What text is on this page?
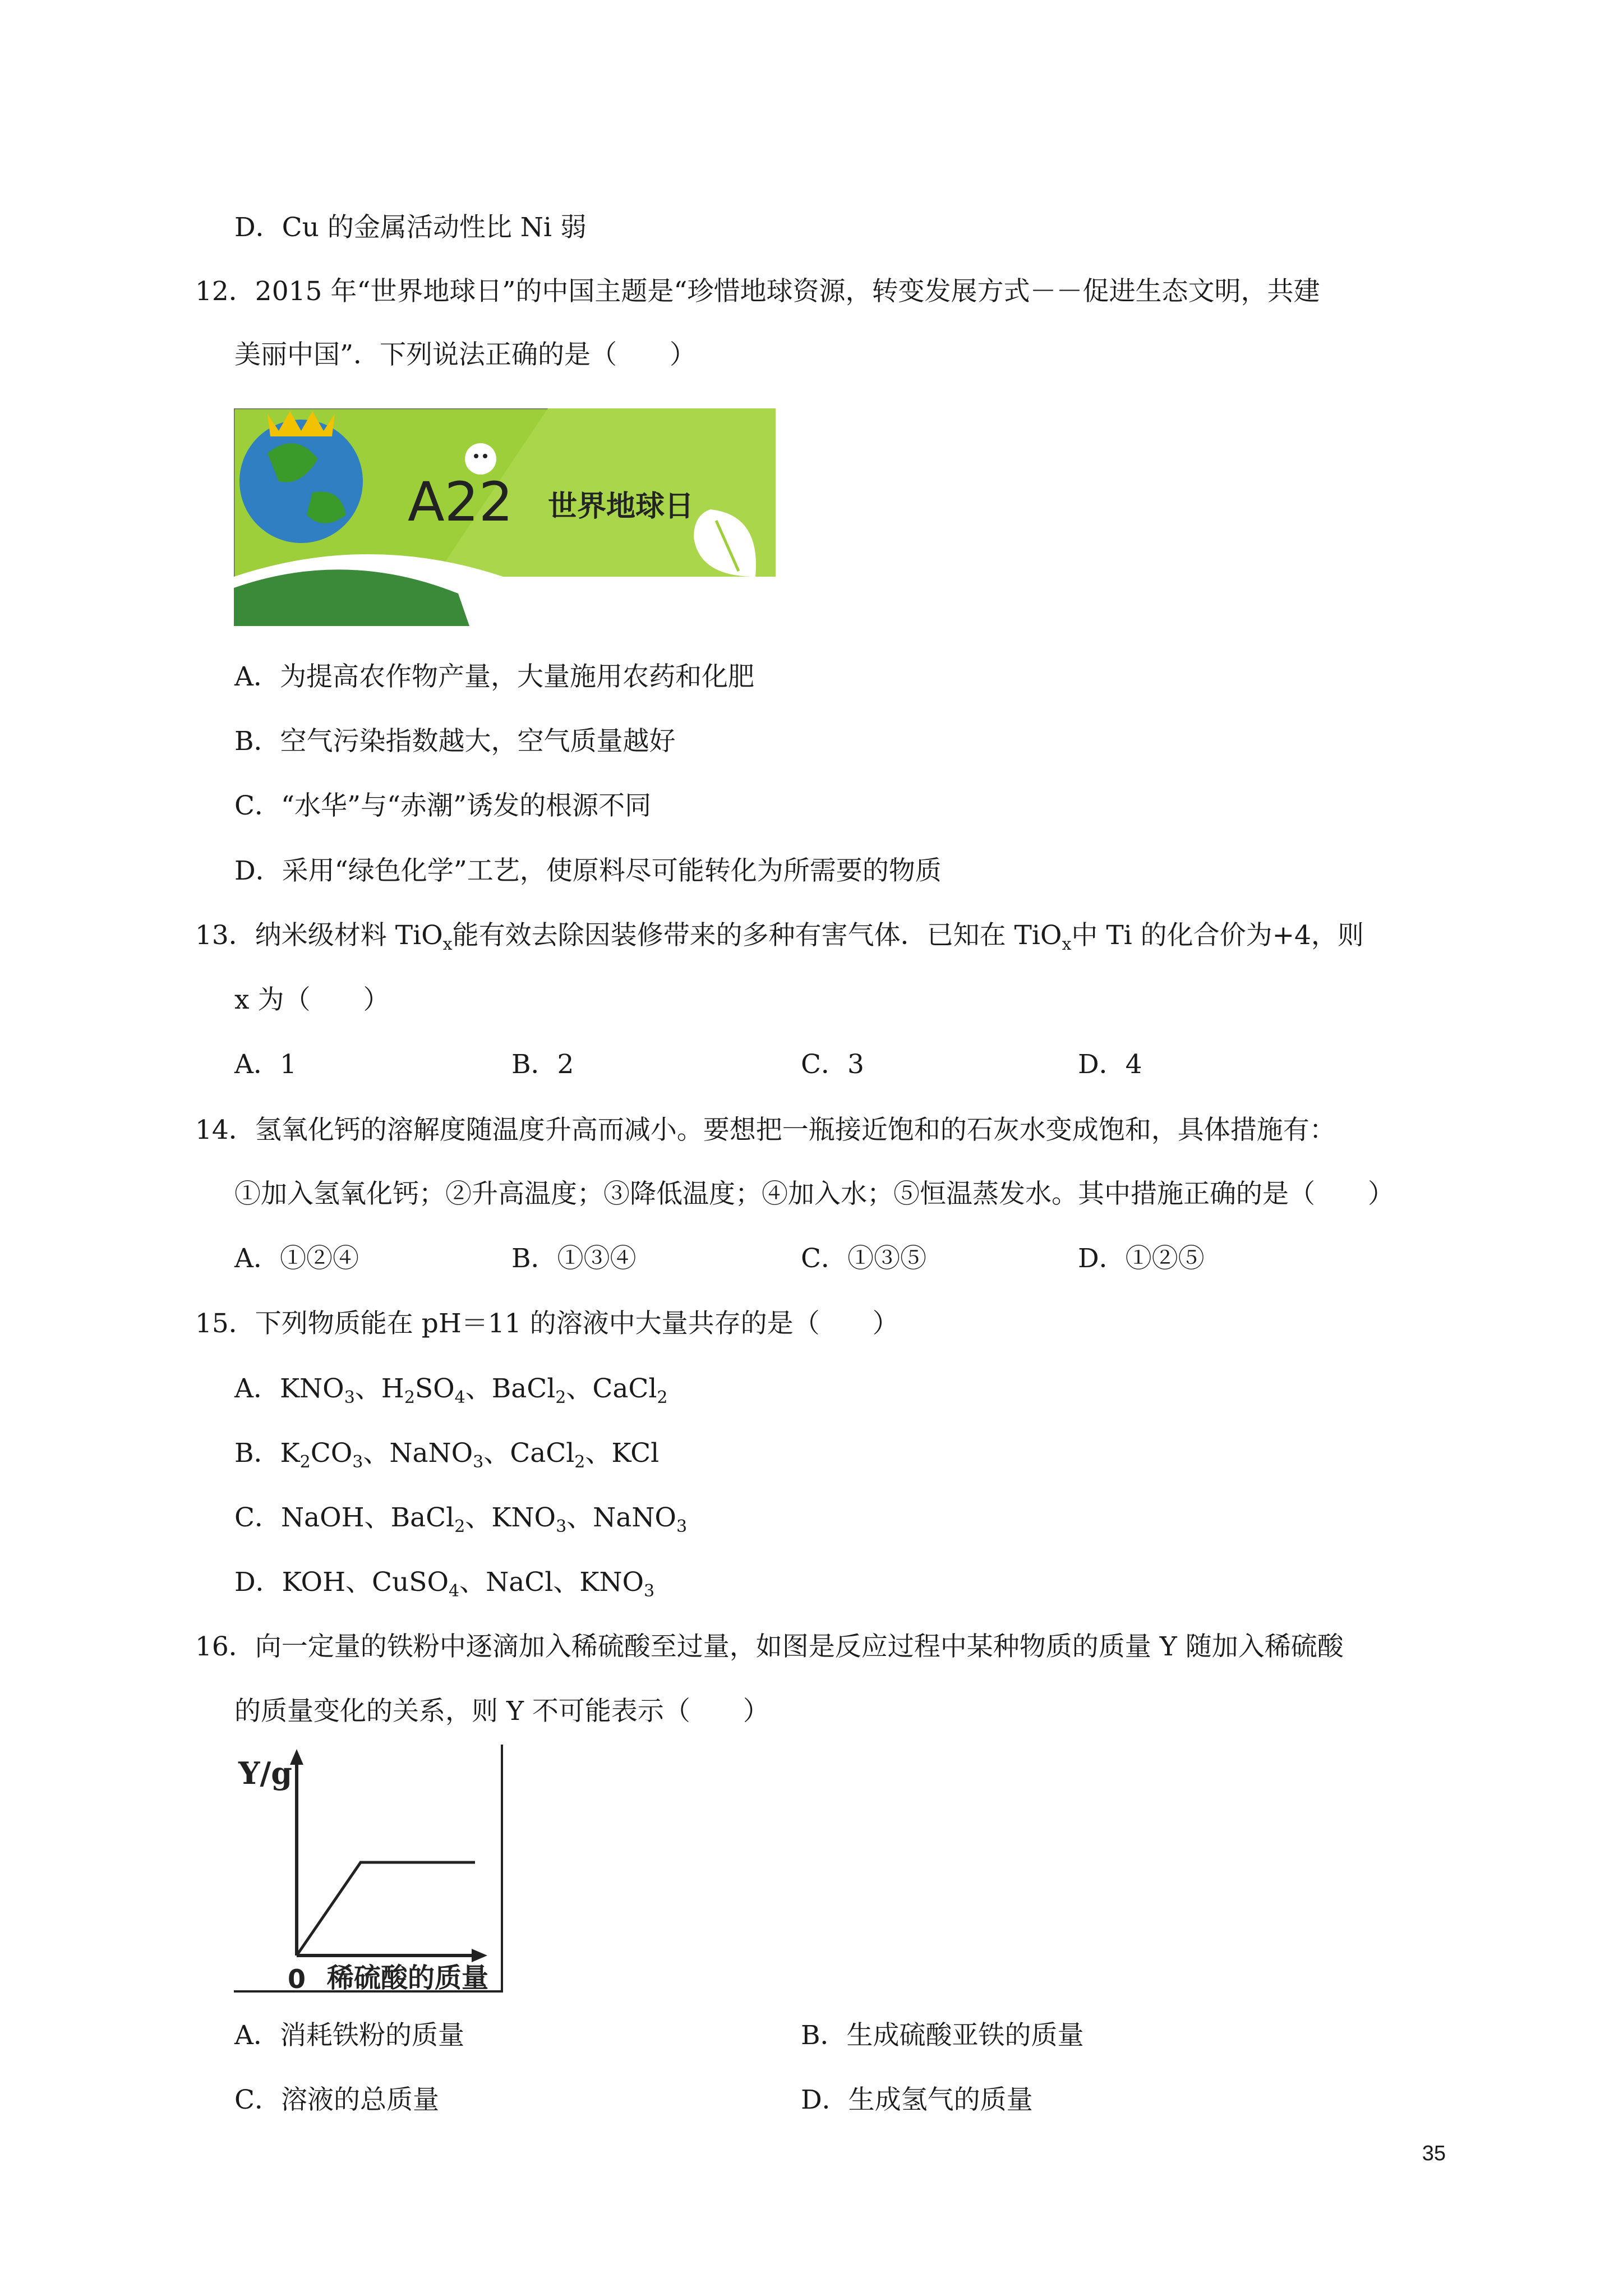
D．Cu 的金属活动性比 Ni 弱
12．2015 年“世界地球日”的中国主题是“珍惜地球资源，转变发展方式－－促进生态文明，共建
美丽中国”．下列说法正确的是（　　）
A22 世界地球日
A．为提高农作物产量，大量施用农药和化肥
B．空气污染指数越大，空气质量越好
C．“水华”与“赤潮”诱发的根源不同
D．采用“绿色化学”工艺，使原料尽可能转化为所需要的物质
13．纳米级材料 TiO$_x$能有效去除因装修带来的多种有害气体．已知在 TiO$_x$中 Ti 的化合价为+4，则
x 为（　　）
A．1	B．2	C．3	D．4
14．氢氧化钙的溶解度随温度升高而减小。要想把一瓶接近饱和的石灰水变成饱和，具体措施有：
①加入氢氧化钙；②升高温度；③降低温度；④加入水；⑤恒温蒸发水。其中措施正确的是（　　）
A．①②④	B．①③④	C．①③⑤	D．①②⑤
15．下列物质能在 pH＝11 的溶液中大量共存的是（　　）
A．$KNO_3$、$H_2SO_4$、BaCl$_2$、CaCl$_2$
B．$K_2CO_3$、NaNO$_3$、CaCl$_2$、KCl
C．NaOH、BaCl$_2$、$KNO_3$、NaNO$_3$
D．KOH、CuSO$_4$、NaCl、$KNO_3$
16．向一定量的铁粉中逐滴加入稀硫酸至过量，如图是反应过程中某种物质的质量 Y 随加入稀硫酸
的质量变化的关系，则 Y 不可能表示（　　）
Y/g
0 稀硫酸的质量
A．消耗铁粉的质量	B．生成硫酸亚铁的质量
C．溶液的总质量	D．生成氢气的质量
35
